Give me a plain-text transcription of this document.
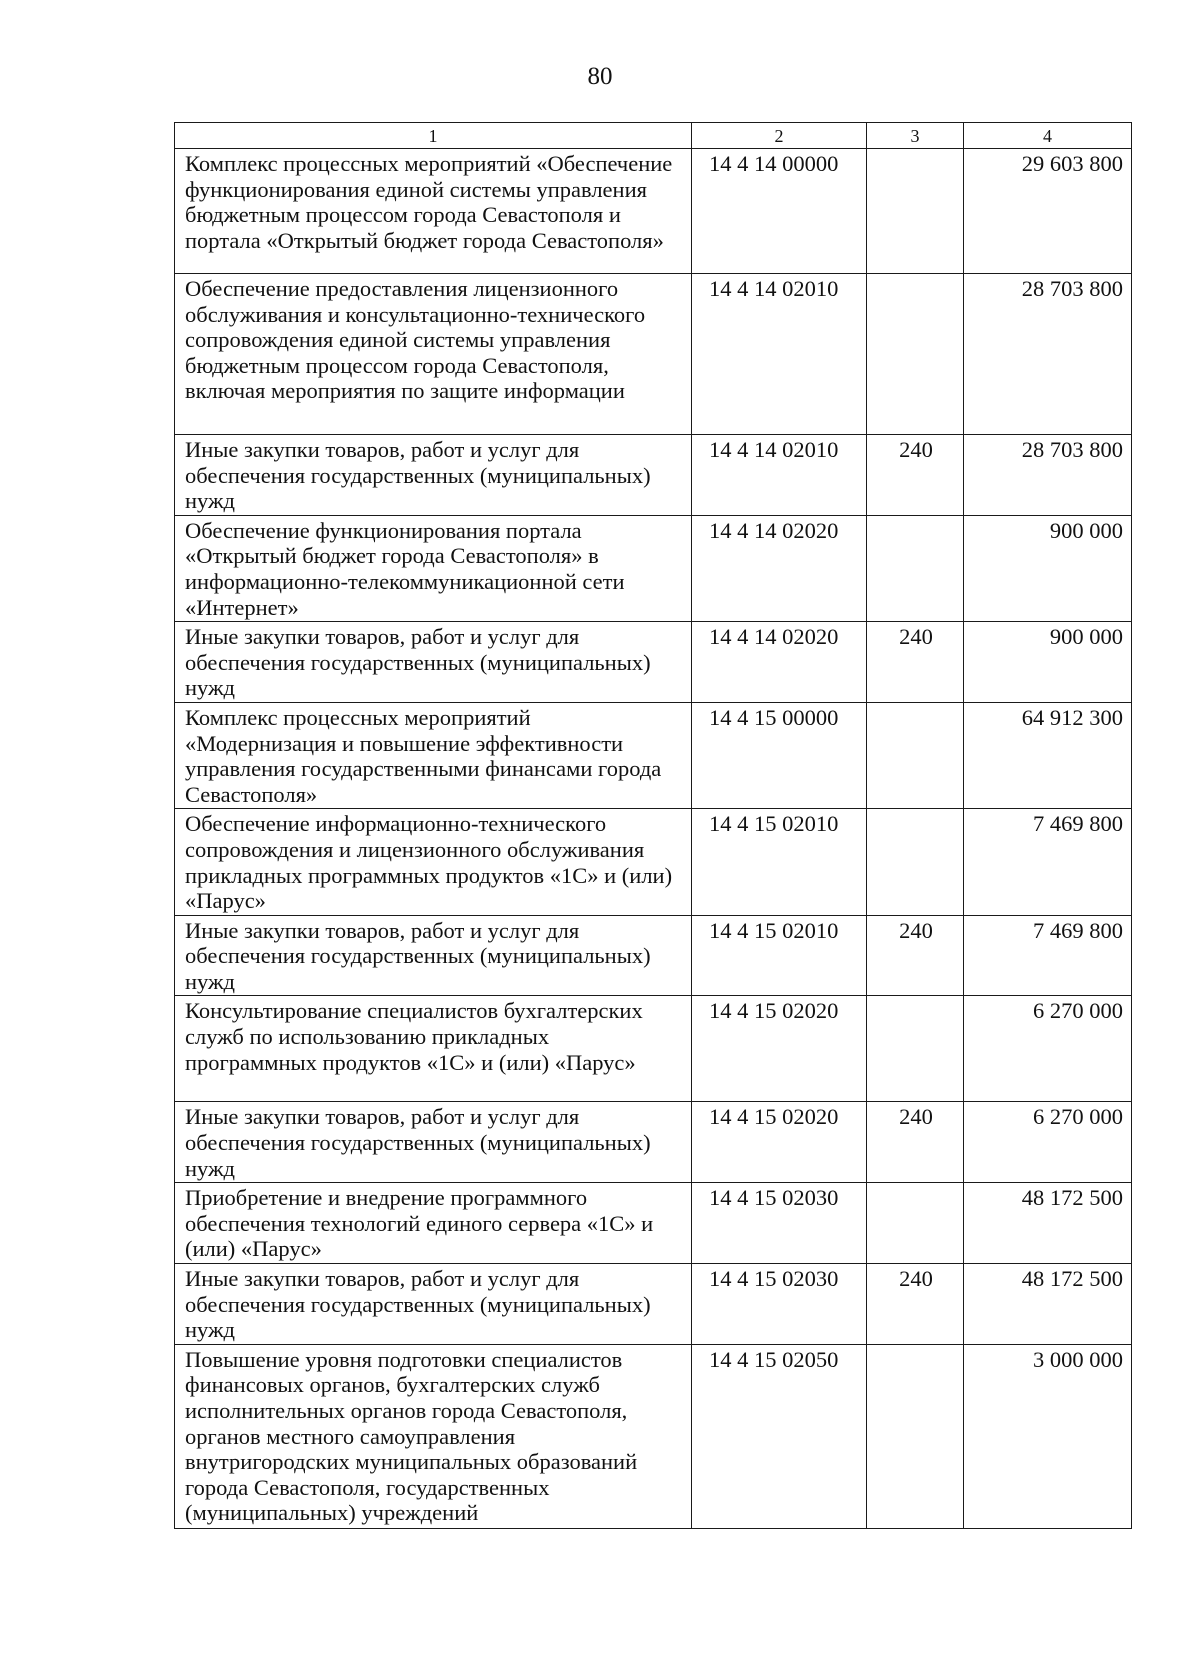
80
1	2	3	4
Комплекс процессных мероприятий «Обеспечение функционирования единой системы управления бюджетным процессом города Севастополя и портала «Открытый бюджет города Севастополя»	14 4 14 00000		29 603 800
Обеспечение предоставления лицензионного обслуживания и консультационно-технического сопровождения единой системы управления бюджетным процессом города Севастополя, включая мероприятия по защите информации	14 4 14 02010		28 703 800
Иные закупки товаров, работ и услуг для обеспечения государственных (муниципальных) нужд	14 4 14 02010	240	28 703 800
Обеспечение функционирования портала «Открытый бюджет города Севастополя» в информационно-телекоммуникационной сети «Интернет»	14 4 14 02020		900 000
Иные закупки товаров, работ и услуг для обеспечения государственных (муниципальных) нужд	14 4 14 02020	240	900 000
Комплекс процессных мероприятий «Модернизация и повышение эффективности управления государственными финансами города Севастополя»	14 4 15 00000		64 912 300
Обеспечение информационно-технического сопровождения и лицензионного обслуживания прикладных программных продуктов «1С» и (или) «Парус»	14 4 15 02010		7 469 800
Иные закупки товаров, работ и услуг для обеспечения государственных (муниципальных) нужд	14 4 15 02010	240	7 469 800
Консультирование специалистов бухгалтерских служб по использованию прикладных программных продуктов «1С» и (или) «Парус»	14 4 15 02020		6 270 000
Иные закупки товаров, работ и услуг для обеспечения государственных (муниципальных) нужд	14 4 15 02020	240	6 270 000
Приобретение и внедрение программного обеспечения технологий единого сервера «1С» и (или) «Парус»	14 4 15 02030		48 172 500
Иные закупки товаров, работ и услуг для обеспечения государственных (муниципальных) нужд	14 4 15 02030	240	48 172 500
Повышение уровня подготовки специалистов финансовых органов, бухгалтерских служб исполнительных органов города Севастополя, органов местного самоуправления внутригородских муниципальных образований города Севастополя, государственных (муниципальных) учреждений	14 4 15 02050		3 000 000
